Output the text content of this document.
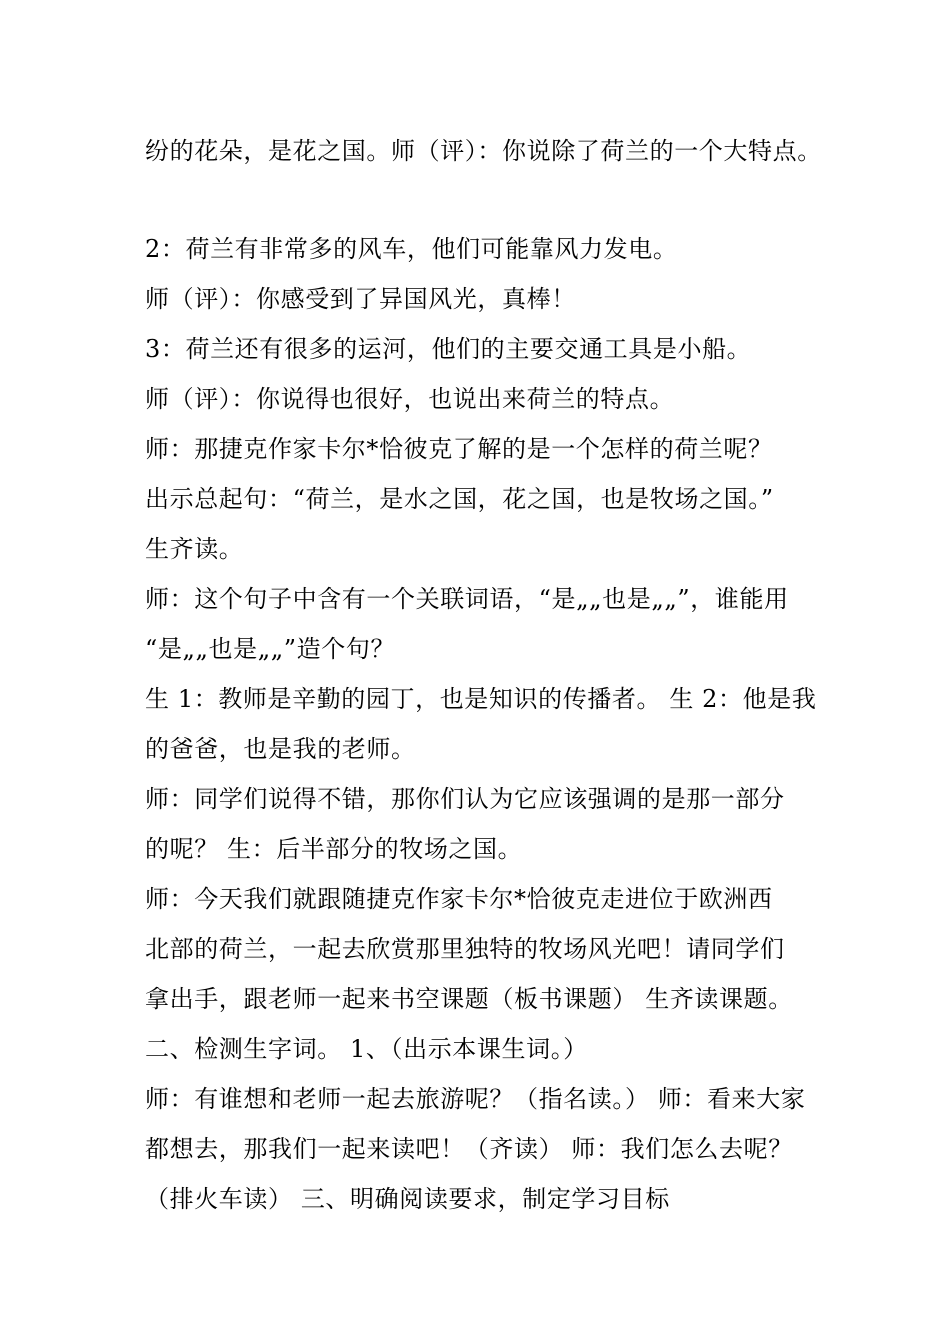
纷的花朵，是花之国。师（评）：你说除了荷兰的一个大特点。
2：荷兰有非常多的风车，他们可能靠风力发电。
师（评）：你感受到了异国风光，真棒！
3：荷兰还有很多的运河，他们的主要交通工具是小船。
师（评）：你说得也很好，也说出来荷兰的特点。
师：那捷克作家卡尔*恰彼克了解的是一个怎样的荷兰呢？
出示总起句：“荷兰，是水之国，花之国，也是牧场之国。”
生齐读。
师：这个句子中含有一个关联词语，“是„„也是„„”，谁能用
“是„„也是„„”造个句？
生 1：教师是辛勤的园丁，也是知识的传播者。 生 2：他是我
的爸爸，也是我的老师。
师：同学们说得不错，那你们认为它应该强调的是那一部分
的呢？ 生：后半部分的牧场之国。
师：今天我们就跟随捷克作家卡尔*恰彼克走进位于欧洲西
北部的荷兰，一起去欣赏那里独特的牧场风光吧！请同学们
拿出手，跟老师一起来书空课题（板书课题） 生齐读课题。
二、检测生字词。 1、（出示本课生词。）
师：有谁想和老师一起去旅游呢？（指名读。） 师：看来大家
都想去，那我们一起来读吧！（齐读） 师：我们怎么去呢？
（排火车读） 三、明确阅读要求，制定学习目标
